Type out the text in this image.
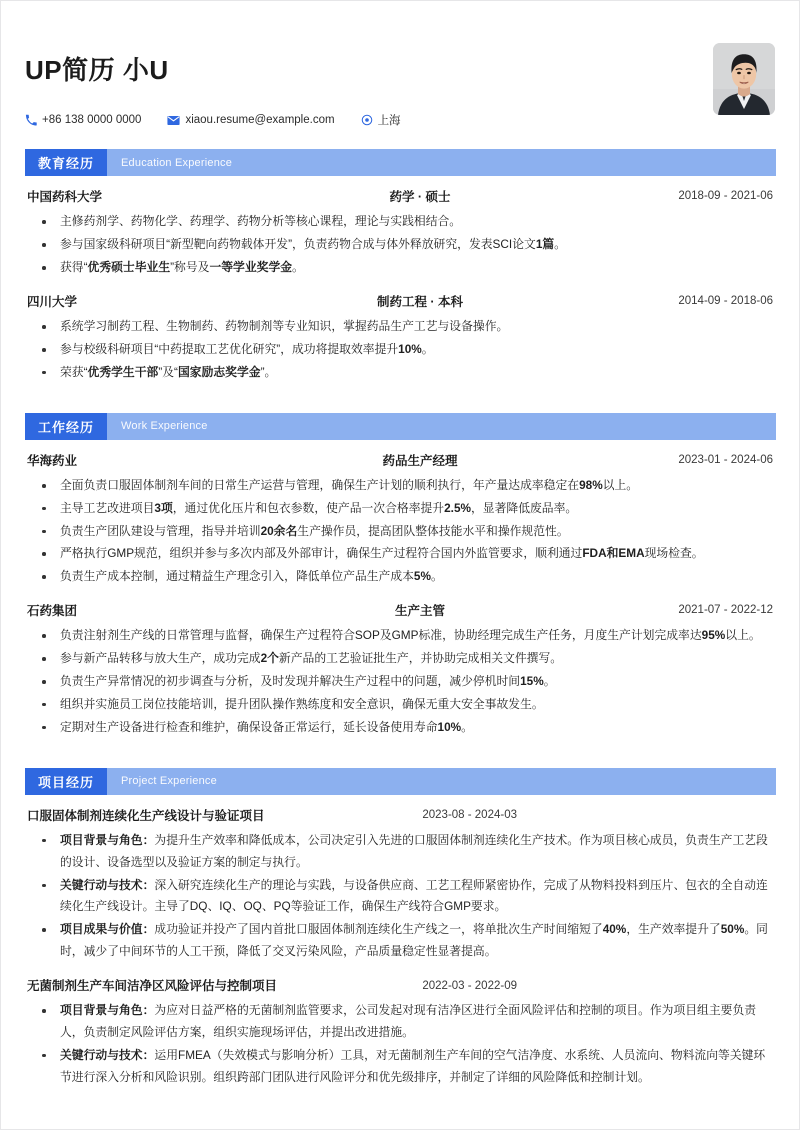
UP简历 小U
+86 138 0000 0000	xiaou.resume@example.com	上海
教育经历	Education Experience
中国药科大学	药学 · 硕士	2018-09 - 2021-06
主修药剂学、药物化学、药理学、药物分析等核心课程，理论与实践相结合。
参与国家级科研项目“新型靶向药物载体开发”，负责药物合成与体外释放研究，发表SCI论文1篇。
获得“优秀硕士毕业生”称号及一等学业奖学金。
四川大学	制药工程 · 本科	2014-09 - 2018-06
系统学习制药工程、生物制药、药物制剂等专业知识，掌握药品生产工艺与设备操作。
参与校级科研项目“中药提取工艺优化研究”，成功将提取效率提升10%。
荣获“优秀学生干部”及“国家励志奖学金”。
工作经历	Work Experience
华海药业	药品生产经理	2023-01 - 2024-06
全面负责口服固体制剂车间的日常生产运营与管理，确保生产计划的顺利执行，年产量达成率稳定在98%以上。
主导工艺改进项目3项，通过优化压片和包衣参数，使产品一次合格率提升2.5%，显著降低废品率。
负责生产团队建设与管理，指导并培训20余名生产操作员，提高团队整体技能水平和操作规范性。
严格执行GMP规范，组织并参与多次内部及外部审计，确保生产过程符合国内外监管要求，顺利通过FDA和EMA现场检查。
负责生产成本控制，通过精益生产理念引入，降低单位产品生产成本5%。
石药集团	生产主管	2021-07 - 2022-12
负责注射剂生产线的日常管理与监督，确保生产过程符合SOP及GMP标准，协助经理完成生产任务，月度生产计划完成率达95%以上。
参与新产品转移与放大生产，成功完成2个新产品的工艺验证批生产，并协助完成相关文件撰写。
负责生产异常情况的初步调查与分析，及时发现并解决生产过程中的问题，减少停机时间15%。
组织并实施员工岗位技能培训，提升团队操作熟练度和安全意识，确保无重大安全事故发生。
定期对生产设备进行检查和维护，确保设备正常运行，延长设备使用寿命10%。
项目经历	Project Experience
口服固体制剂连续化生产线设计与验证项目	2023-08 - 2024-03
项目背景与角色：为提升生产效率和降低成本，公司决定引入先进的口服固体制剂连续化生产技术。作为项目核心成员，负责生产工艺段的设计、设备选型以及验证方案的制定与执行。
关键行动与技术：深入研究连续化生产的理论与实践，与设备供应商、工艺工程师紧密协作，完成了从物料投料到压片、包衣的全自动连续化生产线设计。主导了DQ、IQ、OQ、PQ等验证工作，确保生产线符合GMP要求。
项目成果与价值：成功验证并投产了国内首批口服固体制剂连续化生产线之一，将单批次生产时间缩短了40%，生产效率提升了50%。同时，减少了中间环节的人工干预，降低了交叉污染风险，产品质量稳定性显著提高。
无菌制剂生产车间洁净区风险评估与控制项目	2022-03 - 2022-09
项目背景与角色：为应对日益严格的无菌制剂监管要求，公司发起对现有洁净区进行全面风险评估和控制的项目。作为项目组主要负责人，负责制定风险评估方案，组织实施现场评估，并提出改进措施。
关键行动与技术：运用FMEA（失效模式与影响分析）工具，对无菌制剂生产车间的空气洁净度、水系统、人员流向、物料流向等关键环节进行深入分析和风险识别。组织跨部门团队进行风险评分和优先级排序，并制定了详细的风险降低和控制计划。
